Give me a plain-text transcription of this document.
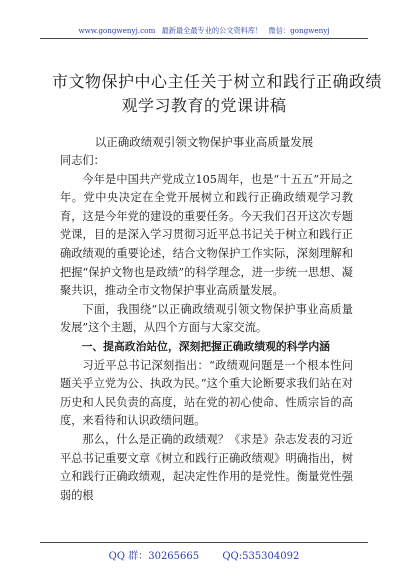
www.gongwenyj.com 最新最全最专业的公文资料库！ 微信：gongwenyj
市文物保护中心主任关于树立和践行正确政绩
观学习教育的党课讲稿
以正确政绩观引领文物保护事业高质量发展

同志们：

今年是中国共产党成立105周年，也是“十五五”开局之年。党中央决定在全党开展树立和践行正确政绩观学习教育，这是今年党的建设的重要任务。今天我们召开这次专题党课，目的是深入学习贯彻习近平总书记关于树立和践行正确政绩观的重要论述，结合文物保护工作实际，深刻理解和把握“保护文物也是政绩”的科学理念，进一步统一思想、凝聚共识，推动全市文物保护事业高质量发展。

下面，我围绕“以正确政绩观引领文物保护事业高质量发展”这个主题，从四个方面与大家交流。

一、提高政治站位，深刻把握正确政绩观的科学内涵

习近平总书记深刻指出：“政绩观问题是一个根本性问题关乎立党为公、执政为民。”这个重大论断要求我们站在对历史和人民负责的高度，站在党的初心使命、性质宗旨的高度，来看待和认识政绩问题。

那么，什么是正确的政绩观？《求是》杂志发表的习近平总书记重要文章《树立和践行正确政绩观》明确指出，树立和践行正确政绩观，起决定性作用的是党性。衡量党性强弱的根

QQ 群：30265665 QQ:535304092
